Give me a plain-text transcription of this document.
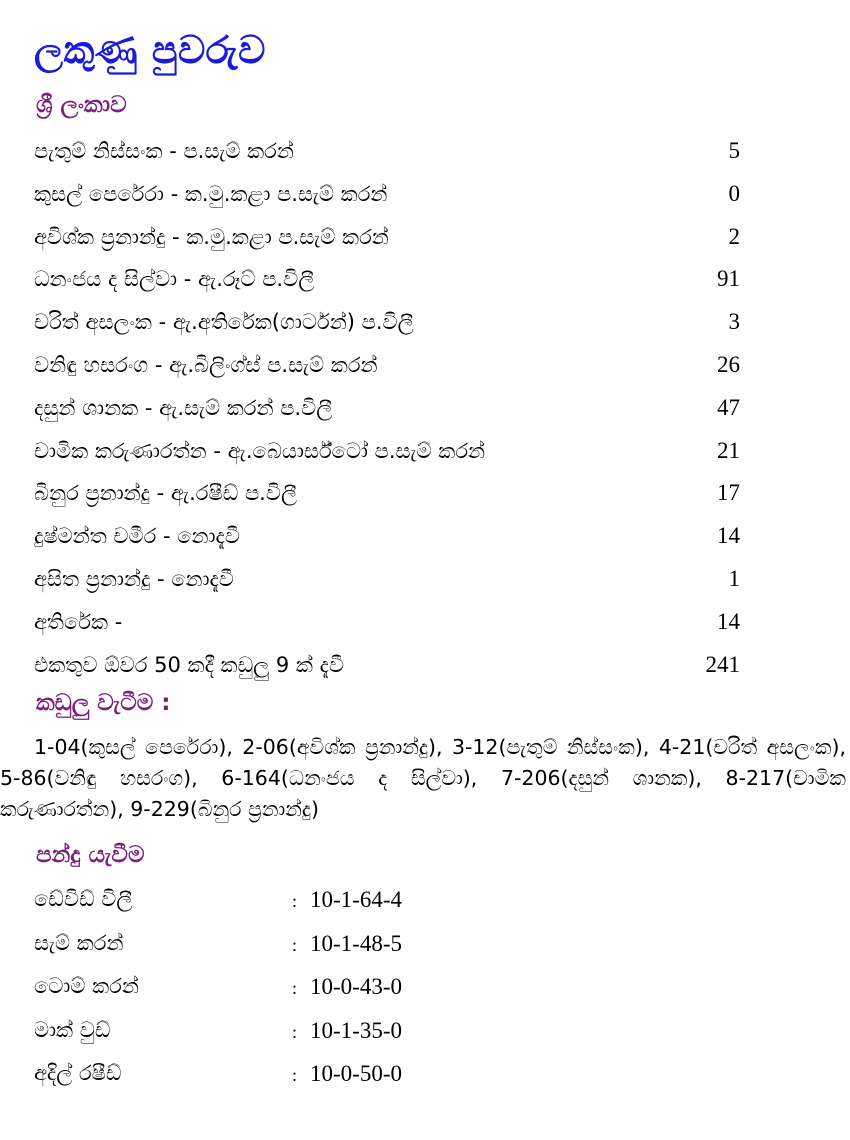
ලකුණු පුවරුව
ශ්‍රී ලංකාව
පැතුම් නිස්සංක - ප.සැම් කරන්	5
කුසල් පෙරේරා - ක.මු.කළා ප.සැම් කරන්	0
අවිශ්ක ප්‍රනාන්දු - ක.මු.කළා ප.සැම් කරන්	2
ධනංජය ද සිල්වා - ඇ.රූට් ප.විලී	91
චරිත් අසලංක - ඇ.අතිරේක(ගාර්ටන්) ප.විලී	3
වනිඳු හසරංග - ඇ.බිලිංග්ස් ප.සැම් කරන්	26
දසුන් ශානක - ඇ.සැම් කරන් ප.විලී	47
චාමික කරුණාරත්න - ඇ.බෙයාර්ස්ටෝ ප.සැම් කරන්	21
බිනුර ප්‍රනාන්දු - ඇ.රෂීඩ් ප.විලී	17
දුෂ්මන්ත චමීර - නොදැවී	14
අසිත ප්‍රනාන්දු - නොදැවී	1
අතිරේක -	14
එකතුව ඕවර 50 කදී කඩුලු 9 ක් දැවී	241
කඩුලු වැටීම :
1-04(කුසල් පෙරේරා), 2-06(අවිශ්ක ප්‍රනාන්දු), 3-12(පැතුම් නිස්සංක), 4-21(චරිත් අසලංක), 5-86(වනිඳු හසරංග), 6-164(ධනංජය ද සිල්වා), 7-206(දසුන් ශානක), 8-217(චාමික කරුණාරත්න), 9-229(බිනුර ප්‍රනාන්දු)
පන්දු යැවීම
ඩේවිඩ් විලී	: 10-1-64-4
සැම් කරන්	: 10-1-48-5
ටොම් කරන්	: 10-0-43-0
මාක් වුඩ්	: 10-1-35-0
අදිල් රෂීඩ්	: 10-0-50-0
